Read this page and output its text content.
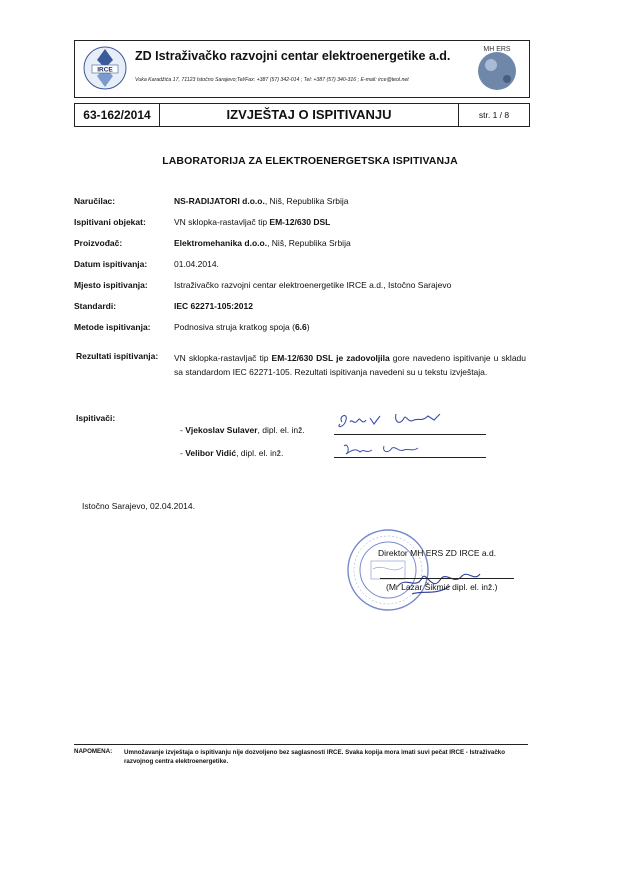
IRCE
ZD Istraživačko razvojni centar elektroenergetike a.d.
Vuka Karadžića 17, 71123 Istočno Sarajevo;Tel/Fax: +387 (57) 342-014 ; Tel: +387 (57) 340-316 ; E-mail: irce@teol.net
MH ERS
63-162/2014	IZVJEŠTAJ O ISPITIVANJU	str. 1 / 8
LABORATORIJA ZA ELEKTROENERGETSKA ISPITIVANJA
Naručilac:	NS-RADIJATORI d.o.o., Niš, Republika Srbija
Ispitivani objekat:	VN sklopka-rastavljač tip EM-12/630 DSL
Proizvođač:	Elektromehanika d.o.o., Niš, Republika Srbija
Datum ispitivanja:	01.04.2014.
Mjesto ispitivanja:	Istraživačko razvojni centar elektroenergetike IRCE a.d., Istočno Sarajevo
Standardi:	IEC 62271-105:2012
Metode ispitivanja:	Podnosiva struja kratkog spoja (6.6)
Rezultati ispitivanja: VN sklopka-rastavljač tip EM-12/630 DSL je zadovoljila gore navedeno ispitivanje u skladu sa standardom IEC 62271-105. Rezultati ispitivanja navedeni su u tekstu izvještaja.
Ispitivači:
- Vjekoslav Sulaver, dipl. el. inž.
- Velibor Vidić, dipl. el. inž.
Istočno Sarajevo, 02.04.2014.
Direktor MH ERS ZD IRCE a.d.
(Mr Lazar Šikmić dipl. el. inž.)
NAPOMENA: Umnožavanje izvještaja o ispitivanju nije dozvoljeno bez saglasnosti IRCE. Svaka kopija mora imati suvi pečat IRCE - Istraživačko razvojnog centra elektroenergetike.
